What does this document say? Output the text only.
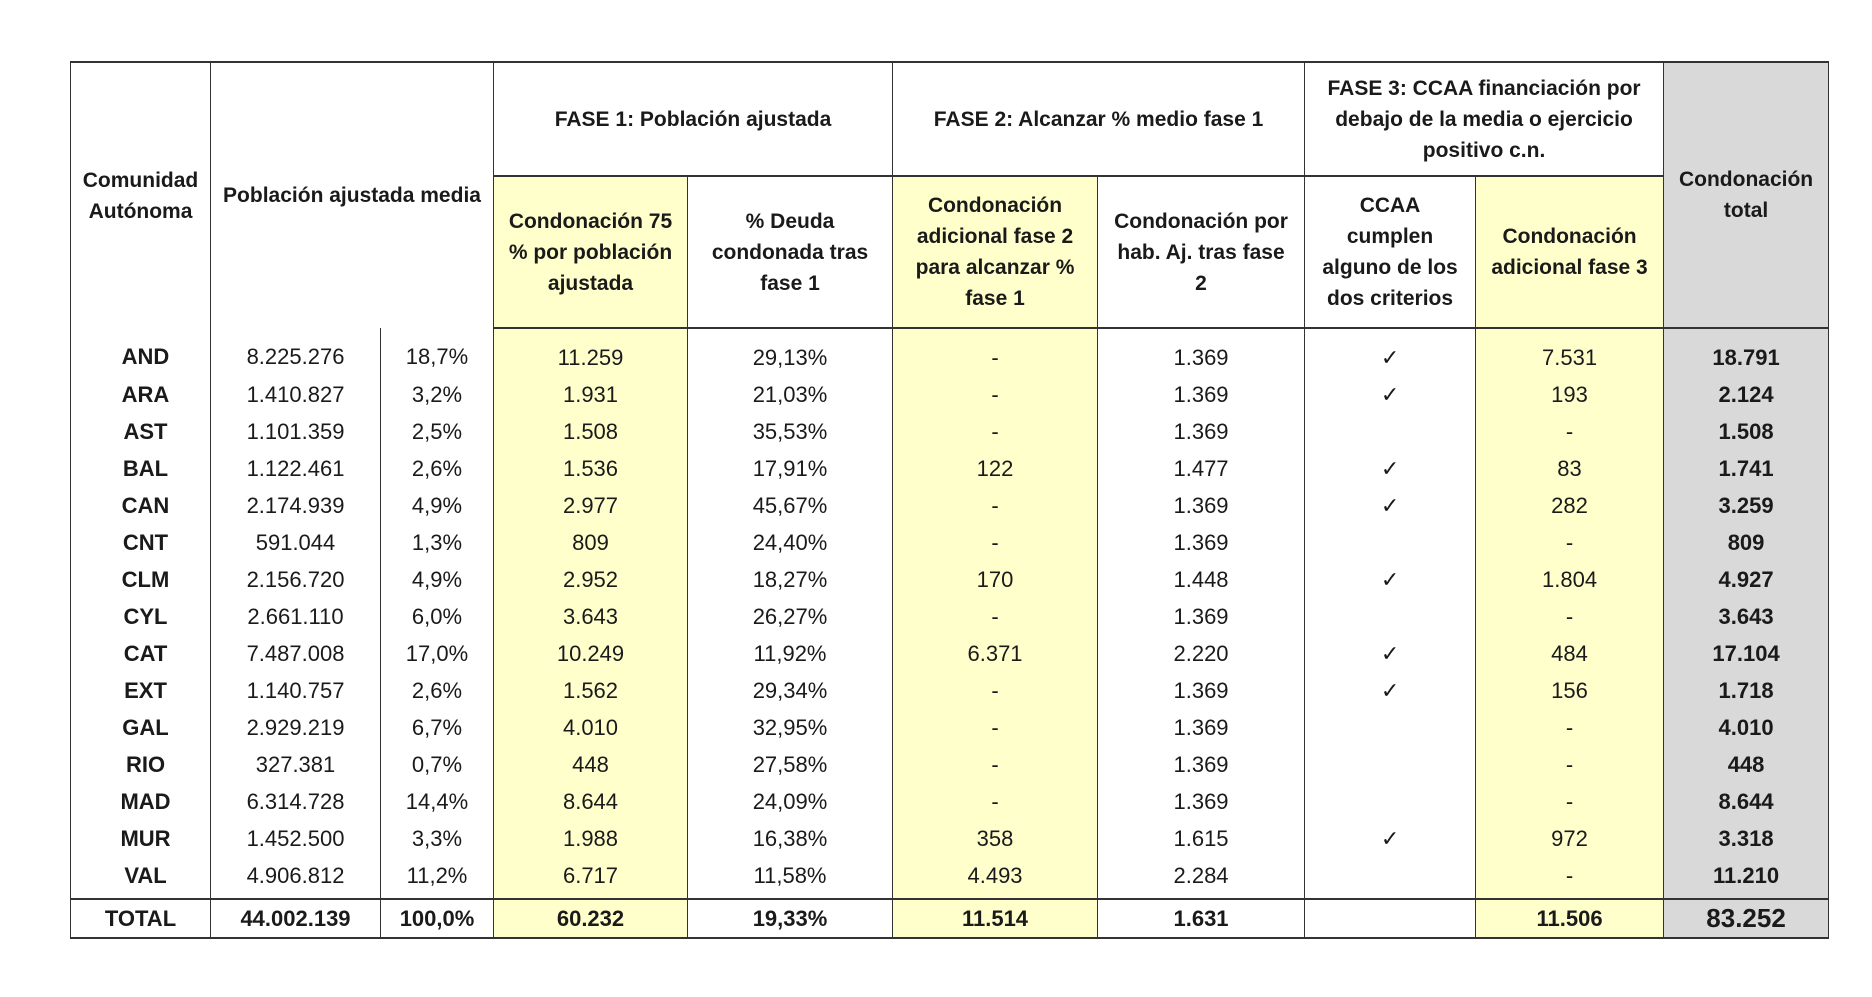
Comunidad Autónoma	Población ajustada media		FASE 1: Población ajustada		FASE 2: Alcanzar % medio fase 1		FASE 3: CCAA financiación por debajo de la media o ejercicio positivo c.n.		Condonación total
			Condonación 75 % por población ajustada	% Deuda condonada tras fase 1	Condonación adicional fase 2 para alcanzar % fase 1	Condonación por hab. Aj. tras fase 2	CCAA cumplen alguno de los dos criterios	Condonación adicional fase 3	
AND	8.225.276	18,7%	11.259	29,13%	-	1.369	✓	7.531	18.791
ARA	1.410.827	3,2%	1.931	21,03%	-	1.369	✓	193	2.124
AST	1.101.359	2,5%	1.508	35,53%	-	1.369		-	1.508
BAL	1.122.461	2,6%	1.536	17,91%	122	1.477	✓	83	1.741
CAN	2.174.939	4,9%	2.977	45,67%	-	1.369	✓	282	3.259
CNT	591.044	1,3%	809	24,40%	-	1.369		-	809
CLM	2.156.720	4,9%	2.952	18,27%	170	1.448	✓	1.804	4.927
CYL	2.661.110	6,0%	3.643	26,27%	-	1.369		-	3.643
CAT	7.487.008	17,0%	10.249	11,92%	6.371	2.220	✓	484	17.104
EXT	1.140.757	2,6%	1.562	29,34%	-	1.369	✓	156	1.718
GAL	2.929.219	6,7%	4.010	32,95%	-	1.369		-	4.010
RIO	327.381	0,7%	448	27,58%	-	1.369		-	448
MAD	6.314.728	14,4%	8.644	24,09%	-	1.369		-	8.644
MUR	1.452.500	3,3%	1.988	16,38%	358	1.615	✓	972	3.318
VAL	4.906.812	11,2%	6.717	11,58%	4.493	2.284		-	11.210
TOTAL	44.002.139	100,0%	60.232	19,33%	11.514	1.631		11.506	83.252
